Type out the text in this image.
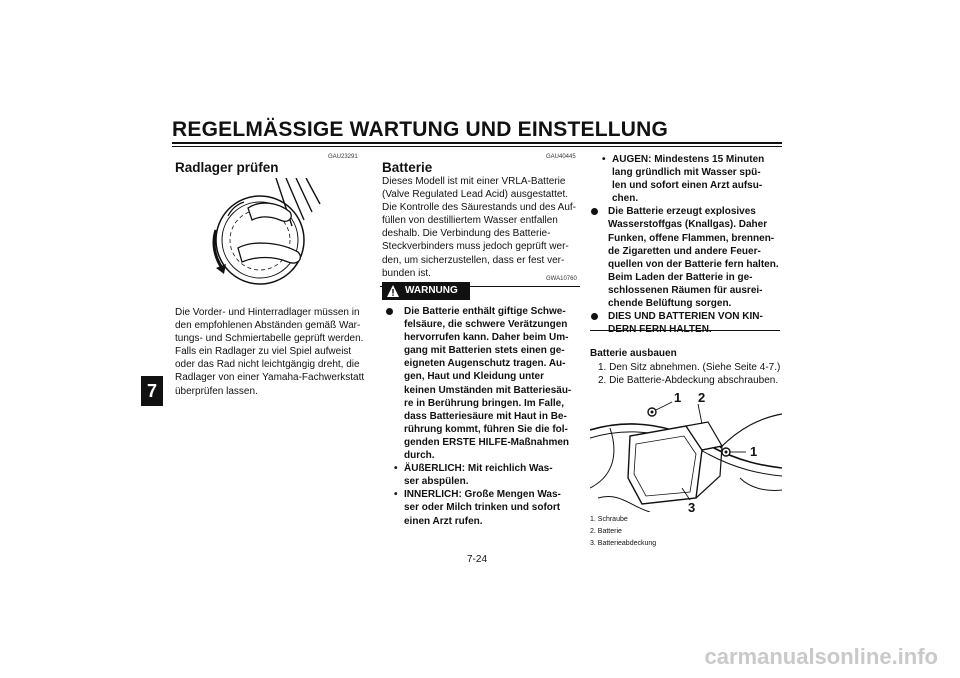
REGELMÄSSIGE WARTUNG UND EINSTELLUNG
7
GAU23291
Radlager prüfen

Die Vorder- und Hinterradlager müssen in

den empfohlenen Abständen gemäß War-

tungs- und Schmiertabelle geprüft werden.

Falls ein Radlager zu viel Spiel aufweist

oder das Rad nicht leichtgängig dreht, die

Radlager von einer Yamaha-Fachwerkstatt

überprüfen lassen.

GAU40445
Batterie

Dieses Modell ist mit einer VRLA-Batterie

(Valve Regulated Lead Acid) ausgestattet.

Die Kontrolle des Säurestands und des Auf-

füllen von destilliertem Wasser entfallen

deshalb. Die Verbindung des Batterie-

Steckverbinders muss jedoch geprüft wer-

den, um sicherzustellen, dass er fest ver-

bunden ist.

GWA10760
WARNUNG
Die Batterie enthält giftige Schwe-
felsäure, die schwere Verätzungen
hervorrufen kann. Daher beim Um-
gang mit Batterien stets einen ge-
eigneten Augenschutz tragen. Au-
gen, Haut und Kleidung unter
keinen Umständen mit Batteriesäu-
re in Berührung bringen. Im Falle,
dass Batteriesäure mit Haut in Be-
rührung kommt, führen Sie die fol-
genden ERSTE HILFE-Maßnahmen
durch.
• ÄUßERLICH: Mit reichlich Was-
ser abspülen.
• INNERLICH: Große Mengen Was-
ser oder Milch trinken und sofort
einen Arzt rufen.
• AUGEN: Mindestens 15 Minuten
lang gründlich mit Wasser spü-
len und sofort einen Arzt aufsu-
chen.
Die Batterie erzeugt explosives
Wasserstoffgas (Knallgas). Daher
Funken, offene Flammen, brennen-
de Zigaretten und andere Feuer-
quellen von der Batterie fern halten.
Beim Laden der Batterie in ge-
schlossenen Räumen für ausrei-
chende Belüftung sorgen.
DIES UND BATTERIEN VON KIN-
DERN FERN HALTEN.
Batterie ausbauen

1. Den Sitz abnehmen. (Siehe Seite 4-7.)

2. Die Batterie-Abdeckung abschrauben.

1 2
1
3
1. Schraube
2. Batterie
3. Batterieabdeckung
7-24
carmanualsonline.info
